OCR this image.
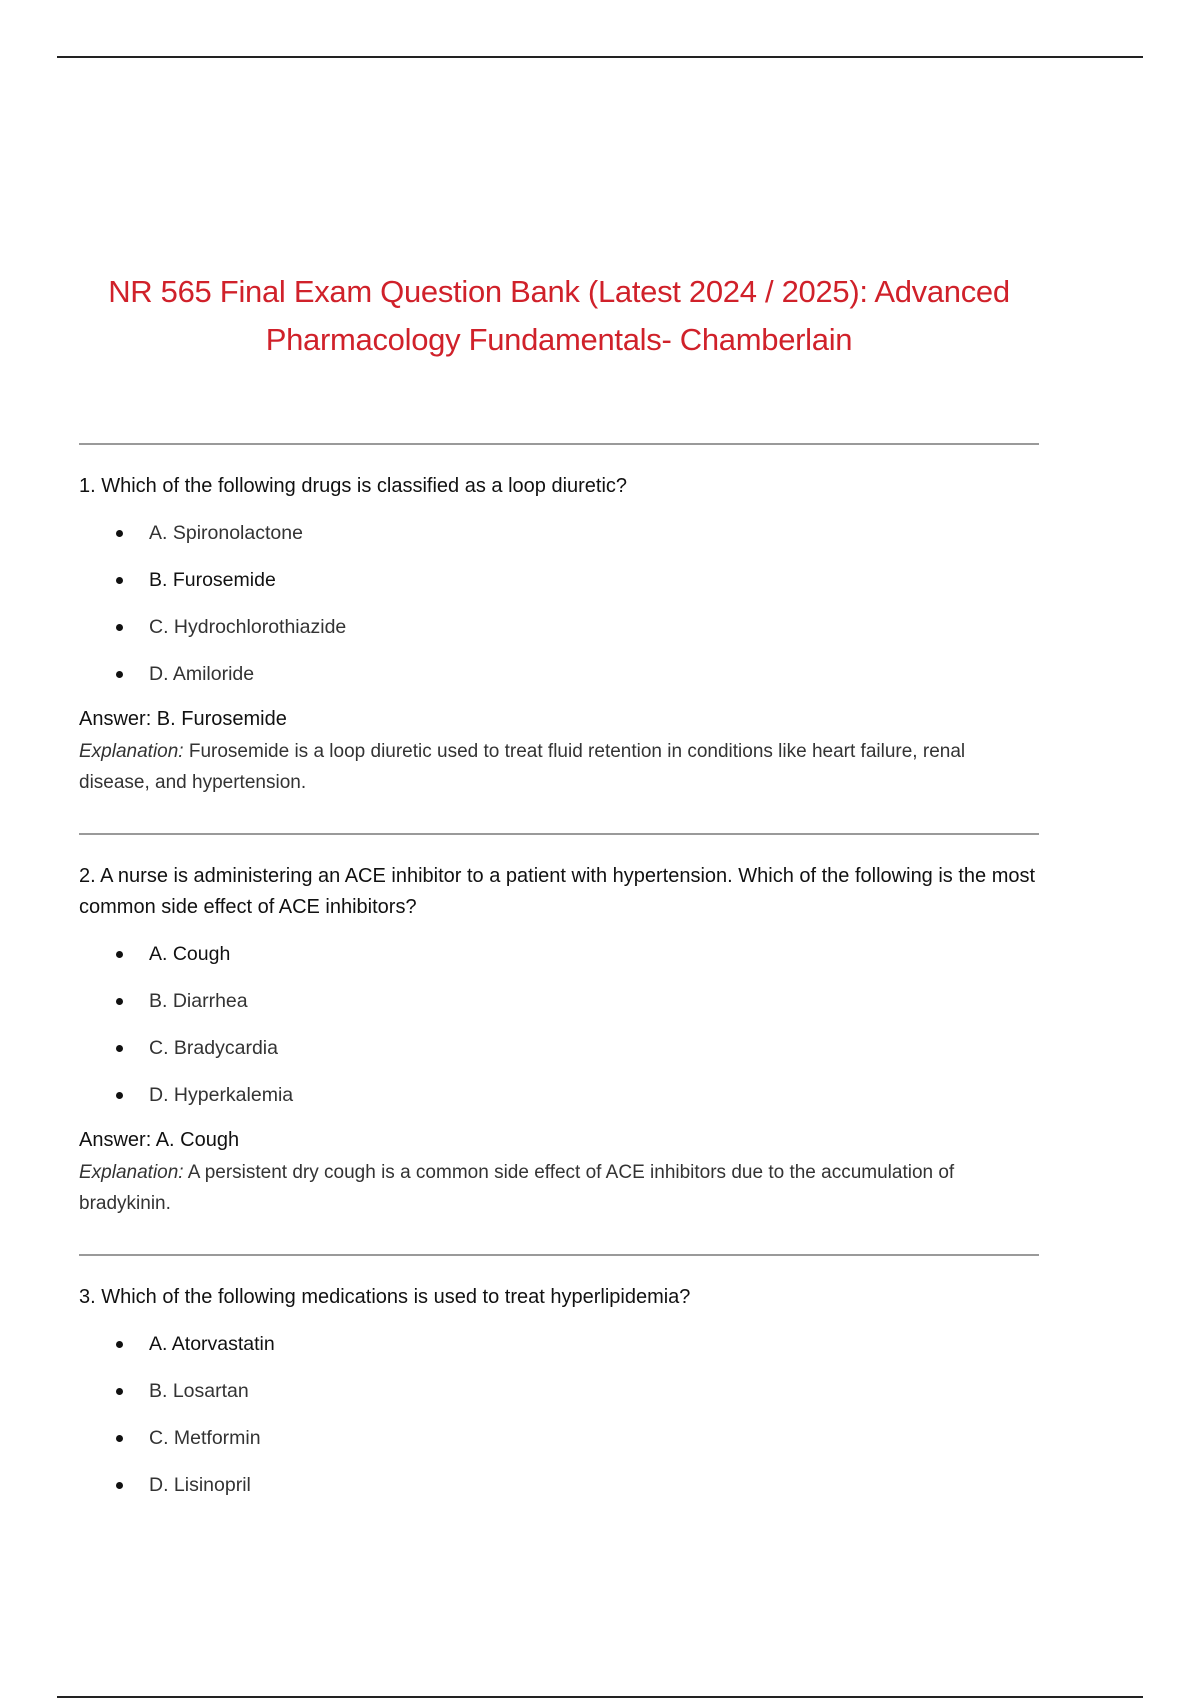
NR 565 Final Exam Question Bank (Latest 2024 / 2025): Advanced Pharmacology Fundamentals- Chamberlain

1. Which of the following drugs is classified as a loop diuretic?

A. Spironolactone
B. Furosemide
C. Hydrochlorothiazide
D. Amiloride

Answer: B. Furosemide

Explanation: Furosemide is a loop diuretic used to treat fluid retention in conditions like heart failure, renal disease, and hypertension.

2. A nurse is administering an ACE inhibitor to a patient with hypertension. Which of the following is the most common side effect of ACE inhibitors?

A. Cough
B. Diarrhea
C. Bradycardia
D. Hyperkalemia

Answer: A. Cough

Explanation: A persistent dry cough is a common side effect of ACE inhibitors due to the accumulation of bradykinin.

3. Which of the following medications is used to treat hyperlipidemia?

A. Atorvastatin
B. Losartan
C. Metformin
D. Lisinopril
